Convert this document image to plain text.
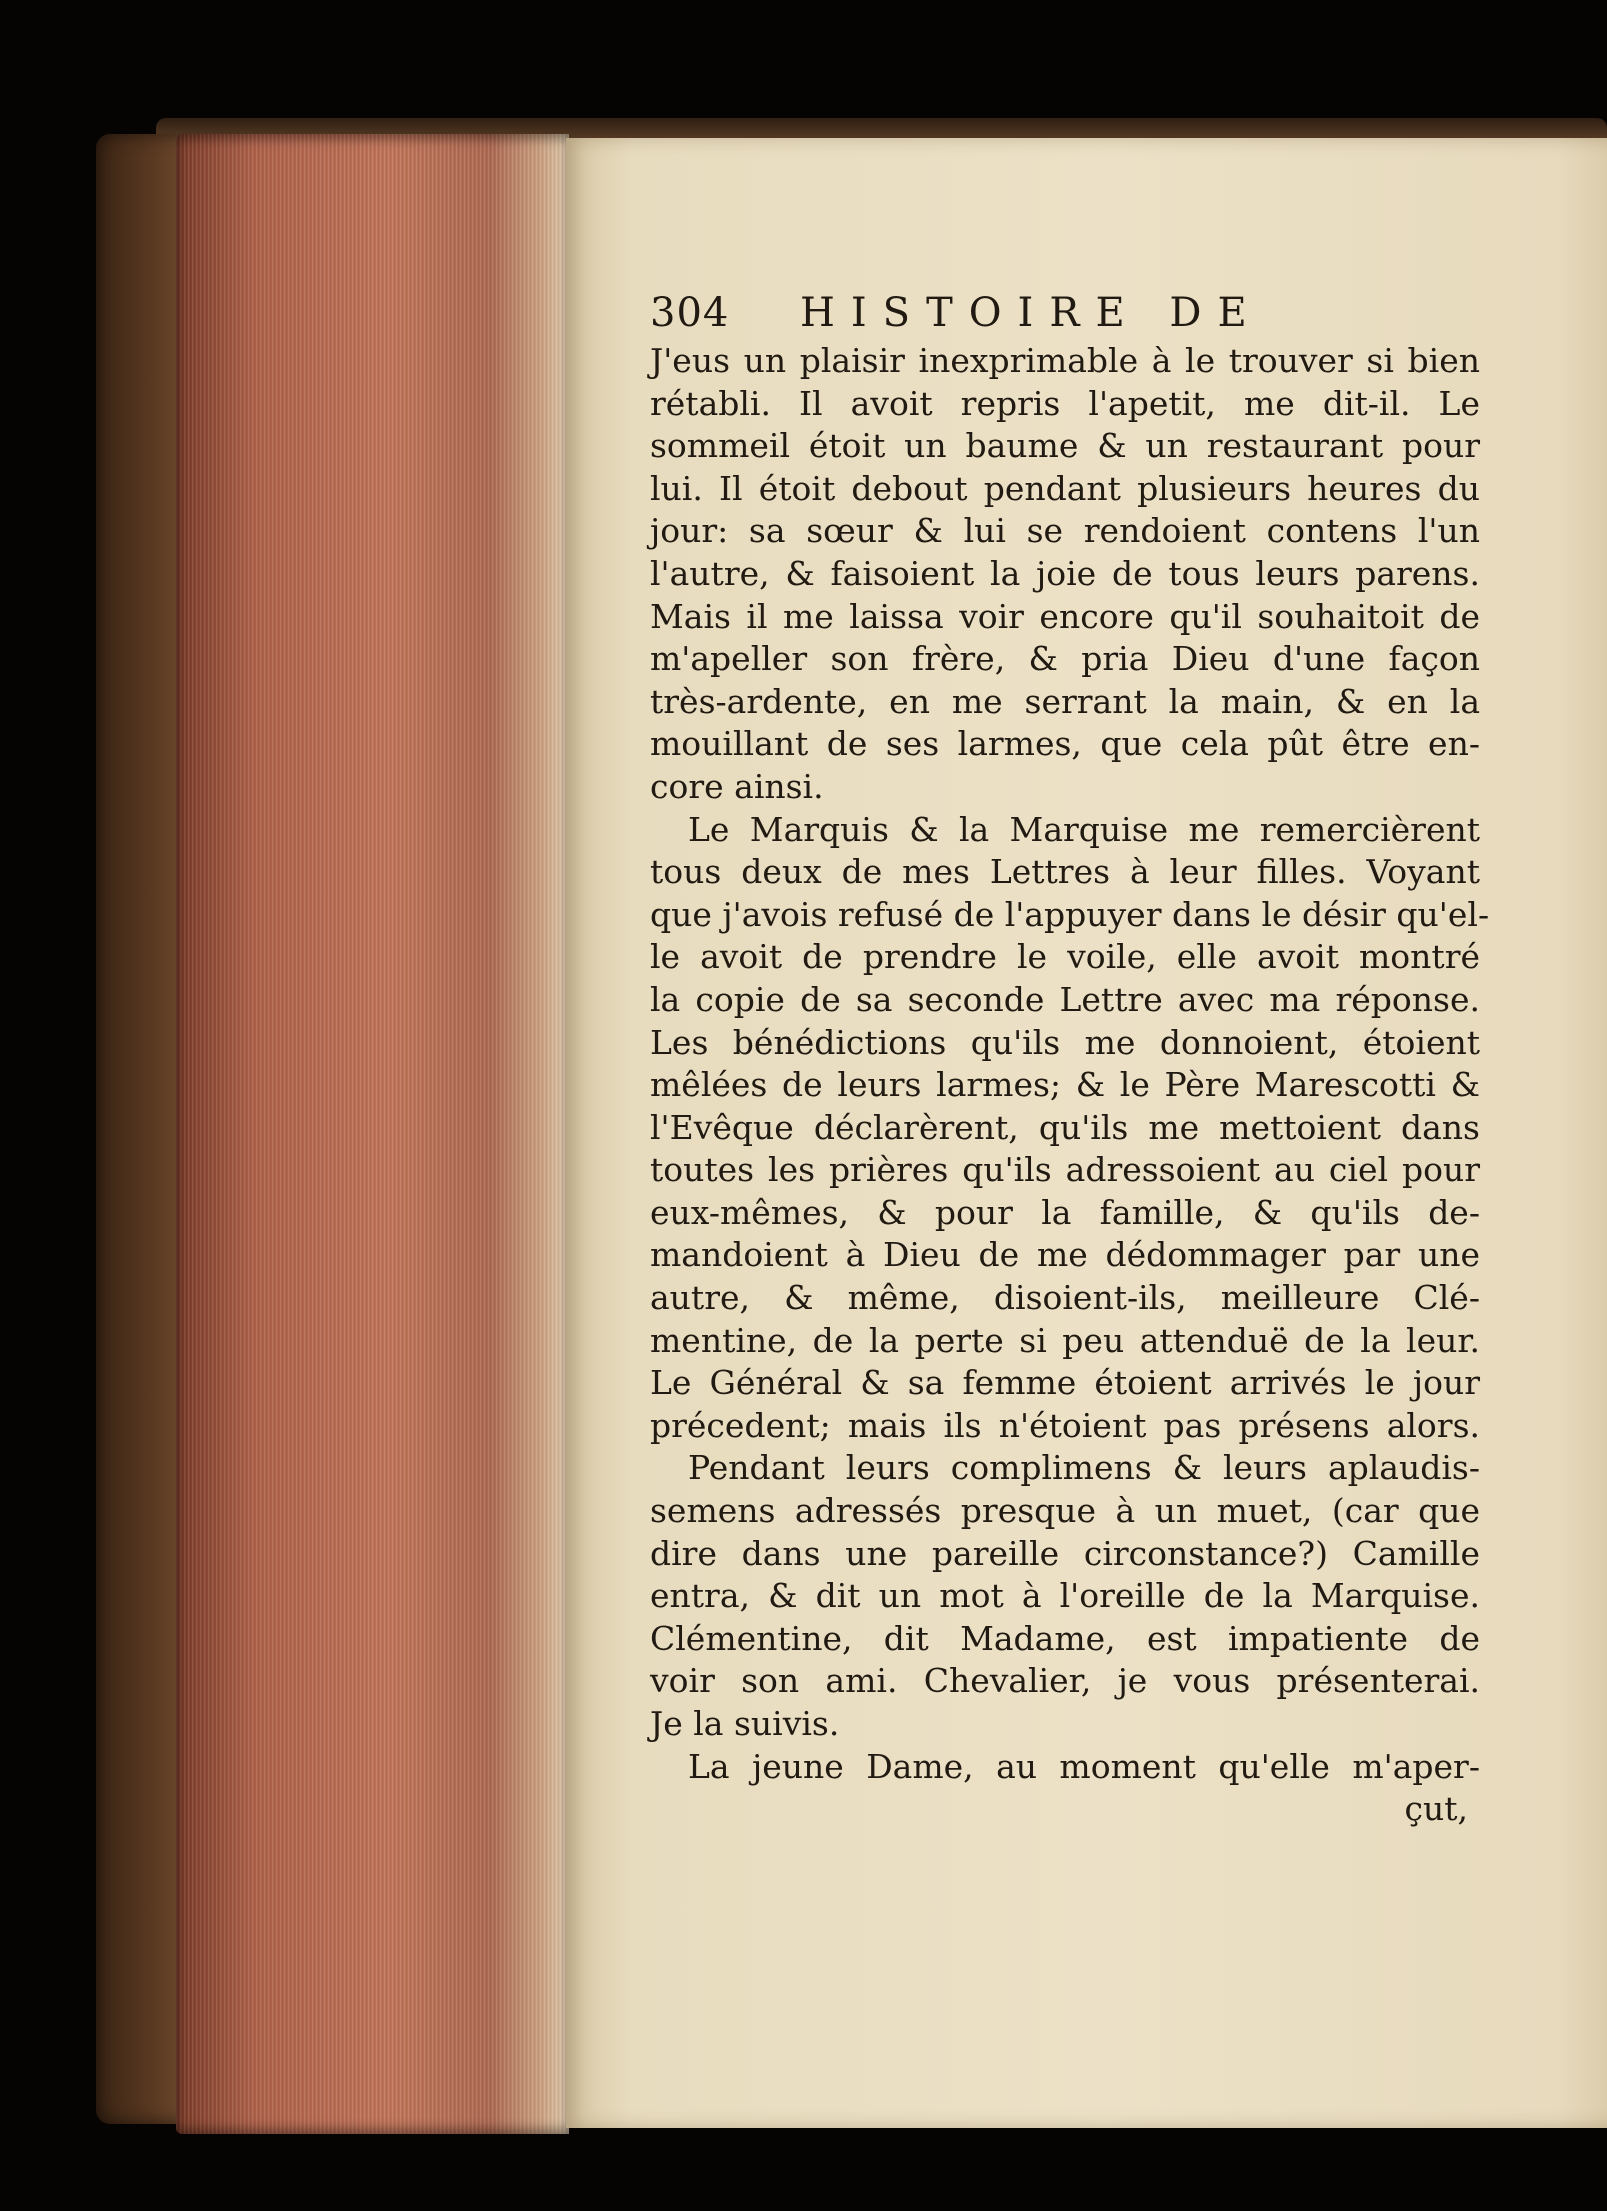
304	HISTOIRE DE
J'eus un plaisir inexprimable à le trouver si bien
rétabli. Il avoit repris l'apetit, me dit-il. Le
sommeil étoit un baume & un restaurant pour
lui. Il étoit debout pendant plusieurs heures du
jour: sa sœur & lui se rendoient contens l'un
l'autre, & faisoient la joie de tous leurs parens.
Mais il me laissa voir encore qu'il souhaitoit de
m'apeller son frère, & pria Dieu d'une façon
très-ardente, en me serrant la main, & en la
mouillant de ses larmes, que cela pût être en-
core ainsi.
Le Marquis & la Marquise me remercièrent
tous deux de mes Lettres à leur filles. Voyant
que j'avois refusé de l'appuyer dans le désir qu'el-
le avoit de prendre le voile, elle avoit montré
la copie de sa seconde Lettre avec ma réponse.
Les bénédictions qu'ils me donnoient, étoient
mêlées de leurs larmes; & le Père Marescotti &
l'Evêque déclarèrent, qu'ils me mettoient dans
toutes les prières qu'ils adressoient au ciel pour
eux-mêmes, & pour la famille, & qu'ils de-
mandoient à Dieu de me dédommager par une
autre, & même, disoient-ils, meilleure Clé-
mentine, de la perte si peu attenduë de la leur.
Le Général & sa femme étoient arrivés le jour
précedent; mais ils n'étoient pas présens alors.
Pendant leurs complimens & leurs aplaudis-
semens adressés presque à un muet, (car que
dire dans une pareille circonstance?) Camille
entra, & dit un mot à l'oreille de la Marquise.
Clémentine, dit Madame, est impatiente de
voir son ami. Chevalier, je vous présenterai.
Je la suivis.
La jeune Dame, au moment qu'elle m'aper-
çut,
